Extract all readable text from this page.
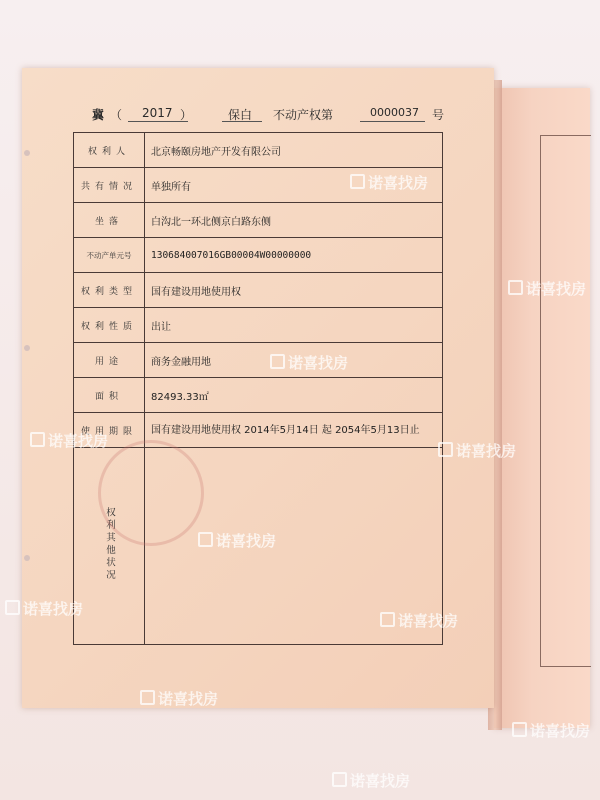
冀 （ 2017 ）	保白 不动产权第	0000037 号
权利人	北京畅颐房地产开发有限公司
共有情况	单独所有
坐落	白沟北一环北侧京白路东侧
不动产单元号	130684007016GB00004W00000000
权利类型	国有建设用地使用权
权利性质	出让
用途	商务金融用地
面积	82493.33㎡
使用期限	国有建设用地使用权 2014年5月14日 起 2054年5月13日止
权利其他状况	
诺喜找房
诺喜找房
诺喜找房
诺喜找房
诺喜找房
诺喜找房
诺喜找房
诺喜找房
诺喜找房
诺喜找房
诺喜找房
